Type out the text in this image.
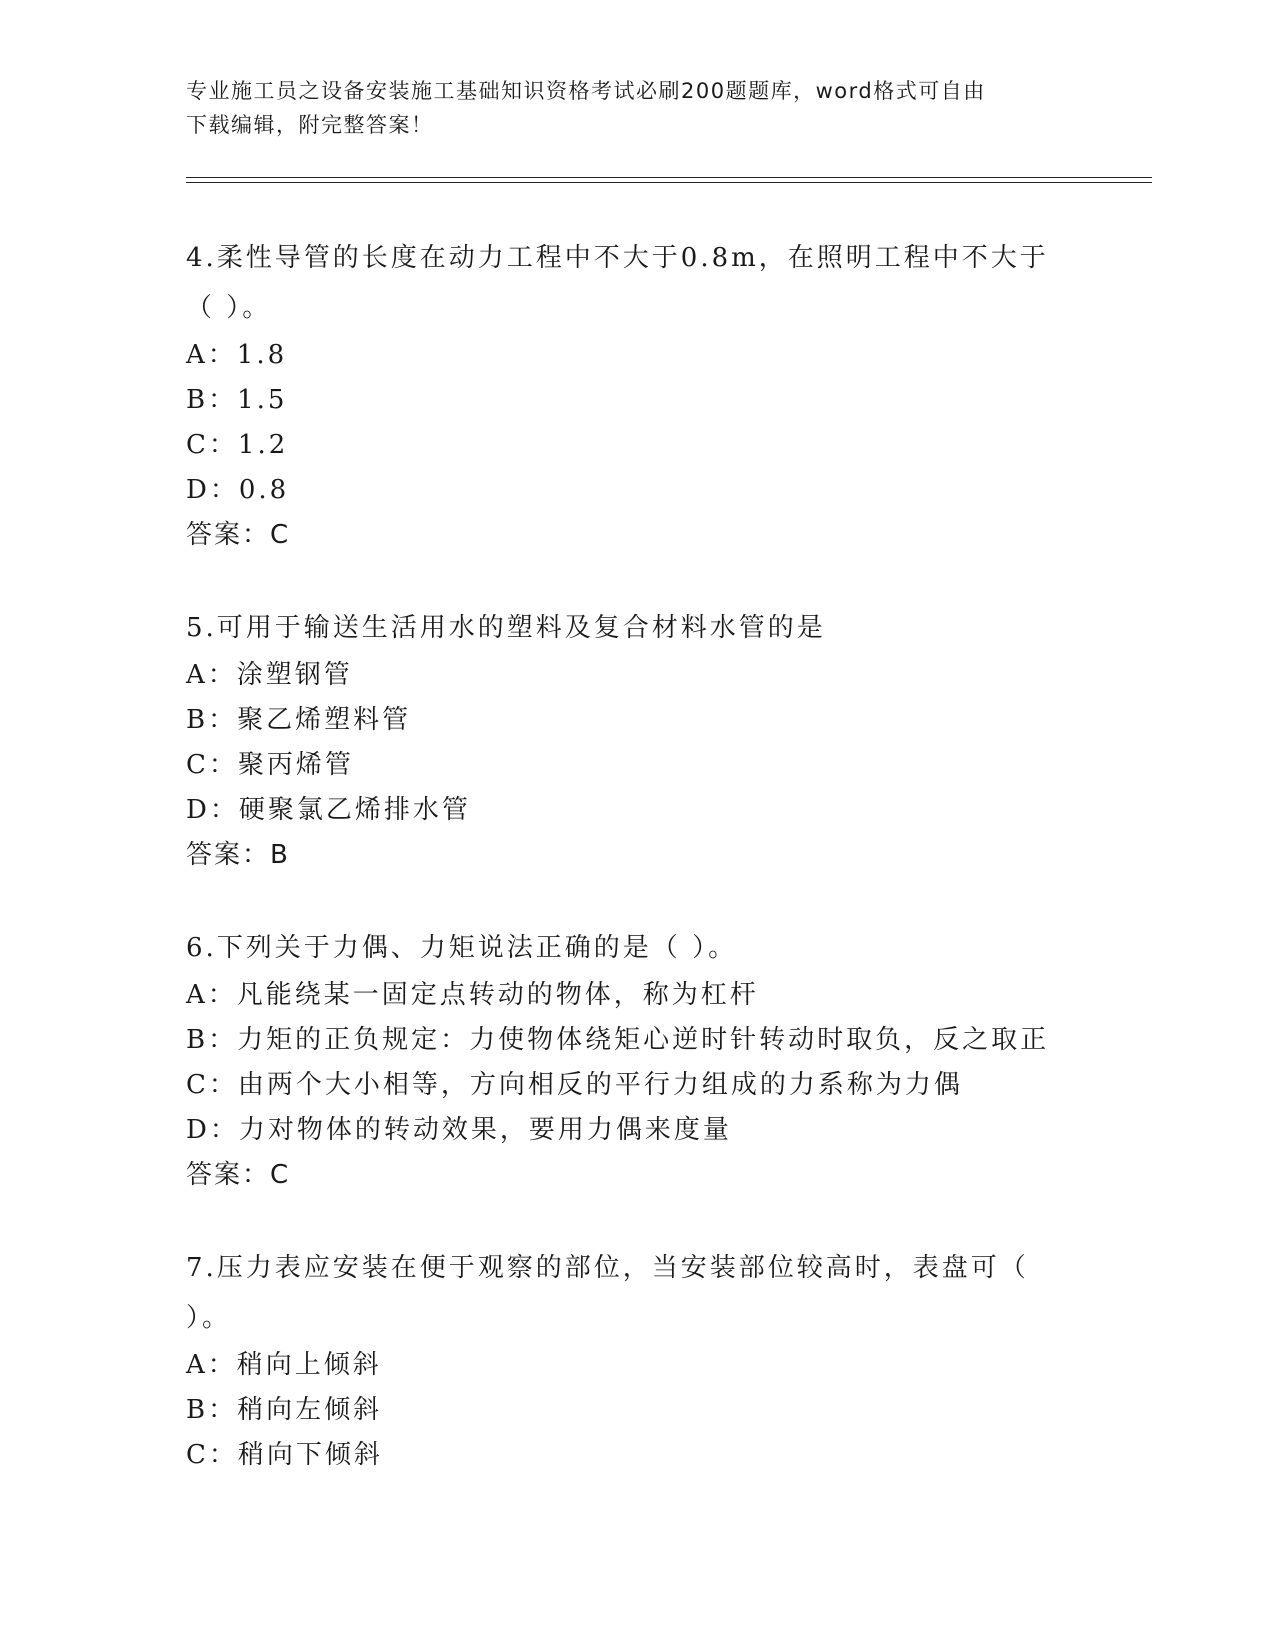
专业施工员之设备安装施工基础知识资格考试必刷200题题库，word格式可自由
下载编辑，附完整答案！
4.柔性导管的长度在动力工程中不大于0.8m，在照明工程中不大于（ ）。
A：1.8
B：1.5
C：1.2
D：0.8
答案：C
5.可用于输送生活用水的塑料及复合材料水管的是
A：涂塑钢管
B：聚乙烯塑料管
C：聚丙烯管
D：硬聚氯乙烯排水管
答案：B
6.下列关于力偶、力矩说法正确的是（ ）。
A：凡能绕某一固定点转动的物体，称为杠杆
B：力矩的正负规定：力使物体绕矩心逆时针转动时取负，反之取正
C：由两个大小相等，方向相反的平行力组成的力系称为力偶
D：力对物体的转动效果，要用力偶来度量
答案：C
7.压力表应安装在便于观察的部位，当安装部位较高时，表盘可（ ）。
A：稍向上倾斜
B：稍向左倾斜
C：稍向下倾斜
